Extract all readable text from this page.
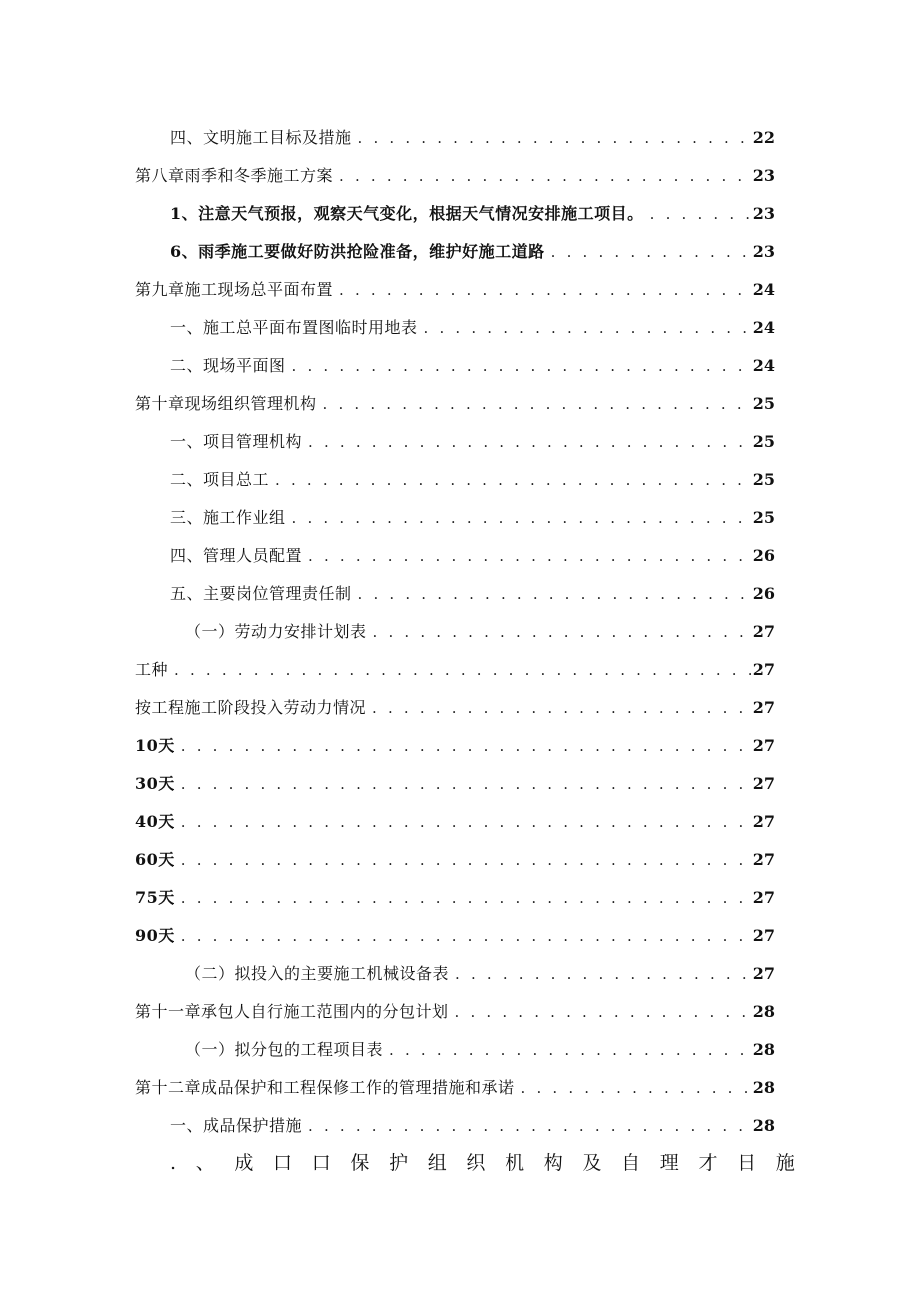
四、文明施工目标及措施 . . .	22
第八章雨季和冬季施工方案 . . .	23
1、注意天气预报，观察天气变化，根据天气情况安排施工项目。 . . .	23
6、雨季施工要做好防洪抢险准备，维护好施工道路 . . .	23
第九章施工现场总平面布置 . . .	24
一、施工总平面布置图临时用地表 . . .	24
二、现场平面图 . . .	24
第十章现场组织管理机构 . . .	25
一、项目管理机构 . . .	25
二、项目总工 . . .	25
三、施工作业组 . . .	25
四、管理人员配置 . . .	26
五、主要岗位管理责任制 . . .	26
（一）劳动力安排计划表 . . .	27
工种 . . .	27
按工程施工阶段投入劳动力情况 . . .	27
10天 . . .	27
30天 . . .	27
40天 . . .	27
60天 . . .	27
75天 . . .	27
90天 . . .	27
（二）拟投入的主要施工机械设备表 . . .	27
第十一章承包人自行施工范围内的分包计划 . . .	28
（一）拟分包的工程项目表 . . .	28
第十二章成品保护和工程保修工作的管理措施和承诺 . . .	28
一、成品保护措施 . . .	28
. 、 成 口 口 保 护 组 织 机 构 及 自 理 才 日 施
